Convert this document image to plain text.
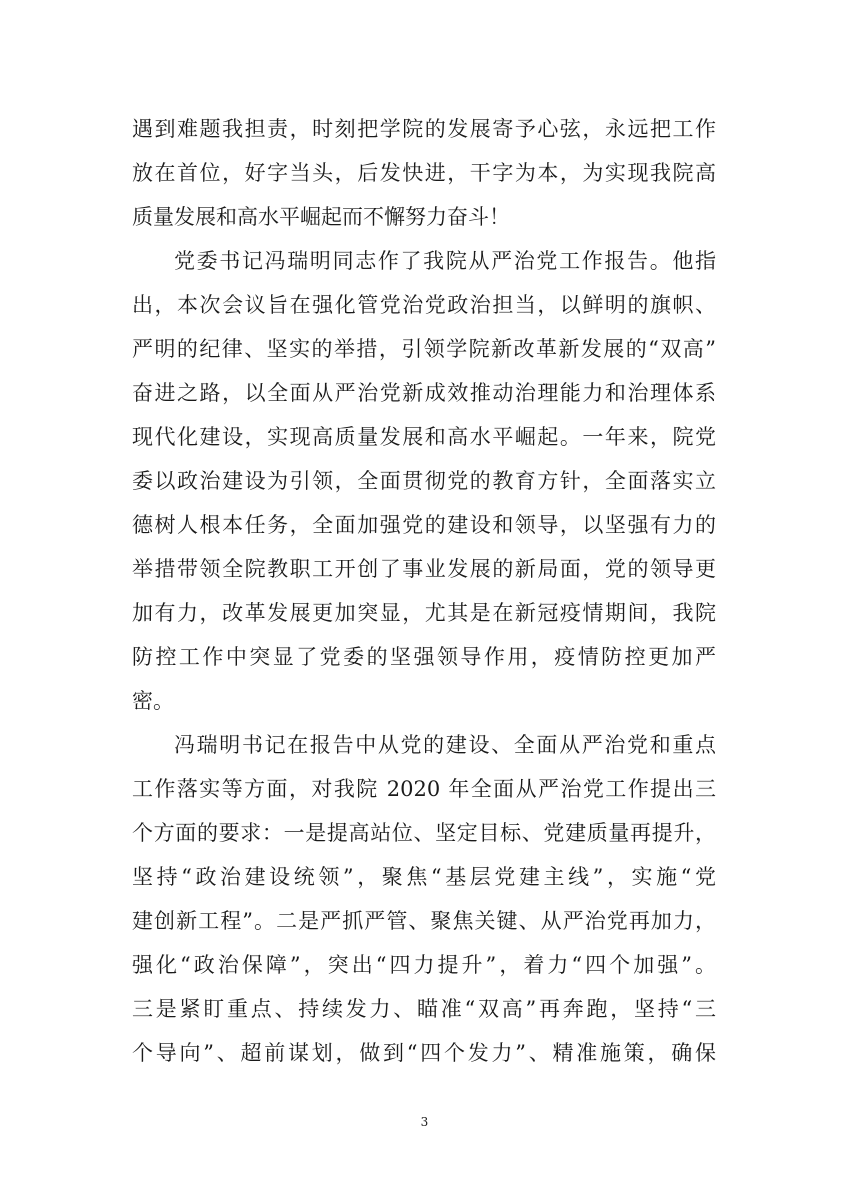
遇到难题我担责，时刻把学院的发展寄予心弦，永远把工作
放在首位，好字当头，后发快进，干字为本，为实现我院高
质量发展和高水平崛起而不懈努力奋斗！
党委书记冯瑞明同志作了我院从严治党工作报告。他指
出，本次会议旨在强化管党治党政治担当，以鲜明的旗帜、
严明的纪律、坚实的举措，引领学院新改革新发展的“双高”
奋进之路，以全面从严治党新成效推动治理能力和治理体系
现代化建设，实现高质量发展和高水平崛起。一年来，院党
委以政治建设为引领，全面贯彻党的教育方针，全面落实立
德树人根本任务，全面加强党的建设和领导，以坚强有力的
举措带领全院教职工开创了事业发展的新局面，党的领导更
加有力，改革发展更加突显，尤其是在新冠疫情期间，我院
防控工作中突显了党委的坚强领导作用，疫情防控更加严
密。
冯瑞明书记在报告中从党的建设、全面从严治党和重点
工作落实等方面，对我院 2020 年全面从严治党工作提出三
个方面的要求：一是提高站位、坚定目标、党建质量再提升，
坚持“政治建设统领”，聚焦“基层党建主线”，实施“党
建创新工程”。二是严抓严管、聚焦关键、从严治党再加力，
强化“政治保障”，突出“四力提升”，着力“四个加强”。
三是紧盯重点、持续发力、瞄准“双高”再奔跑，坚持“三
个导向”、超前谋划，做到“四个发力”、精准施策，确保
3
